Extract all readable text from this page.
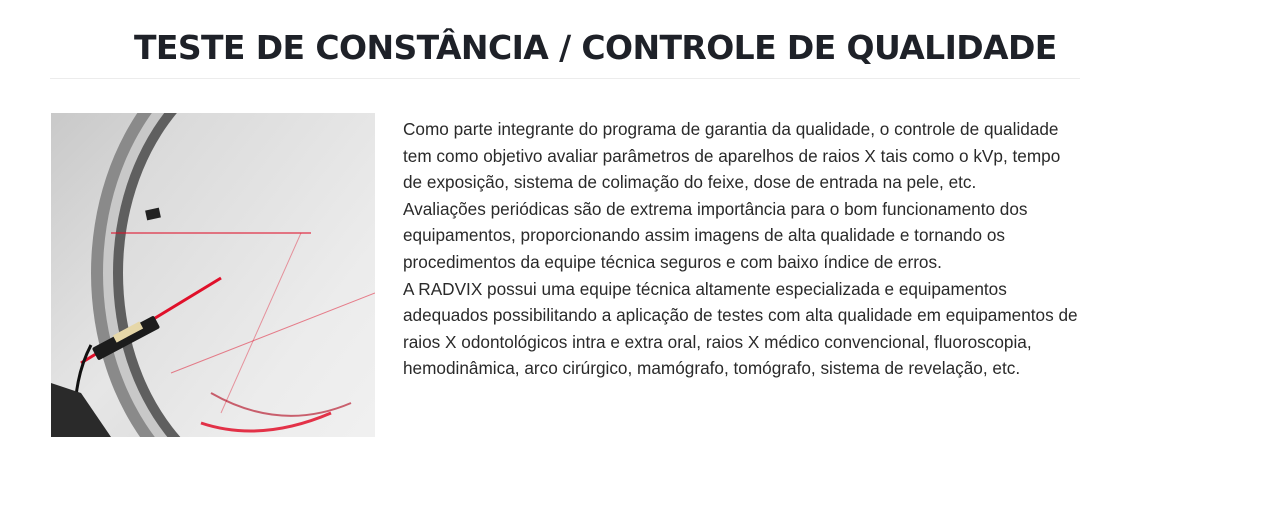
TESTE DE CONSTÂNCIA / CONTROLE DE QUALIDADE

Como parte integrante do programa de garantia da qualidade, o controle de qualidade tem como objetivo avaliar parâmetros de aparelhos de raios X tais como o kVp, tempo de exposição, sistema de colimação do feixe, dose de entrada na pele, etc.

Avaliações periódicas são de extrema importância para o bom funcionamento dos equipamentos, proporcionando assim imagens de alta qualidade e tornando os procedimentos da equipe técnica seguros e com baixo índice de erros.

A RADVIX possui uma equipe técnica altamente especializada e equipamentos adequados possibilitando a aplicação de testes com alta qualidade em equipamentos de raios X odontológicos intra e extra oral, raios X médico convencional, fluoroscopia, hemodinâmica, arco cirúrgico, mamógrafo, tomógrafo, sistema de revelação, etc.
